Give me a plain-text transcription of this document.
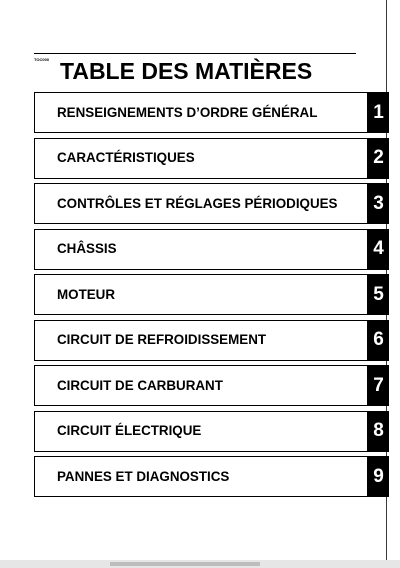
TOC000 TABLE DES MATIÈRES
RENSEIGNEMENTS D’ORDRE GÉNÉRAL	1
CARACTÉRISTIQUES	2
CONTRÔLES ET RÉGLAGES PÉRIODIQUES	3
CHÂSSIS	4
MOTEUR	5
CIRCUIT DE REFROIDISSEMENT	6
CIRCUIT DE CARBURANT	7
CIRCUIT ÉLECTRIQUE	8
PANNES ET DIAGNOSTICS	9
